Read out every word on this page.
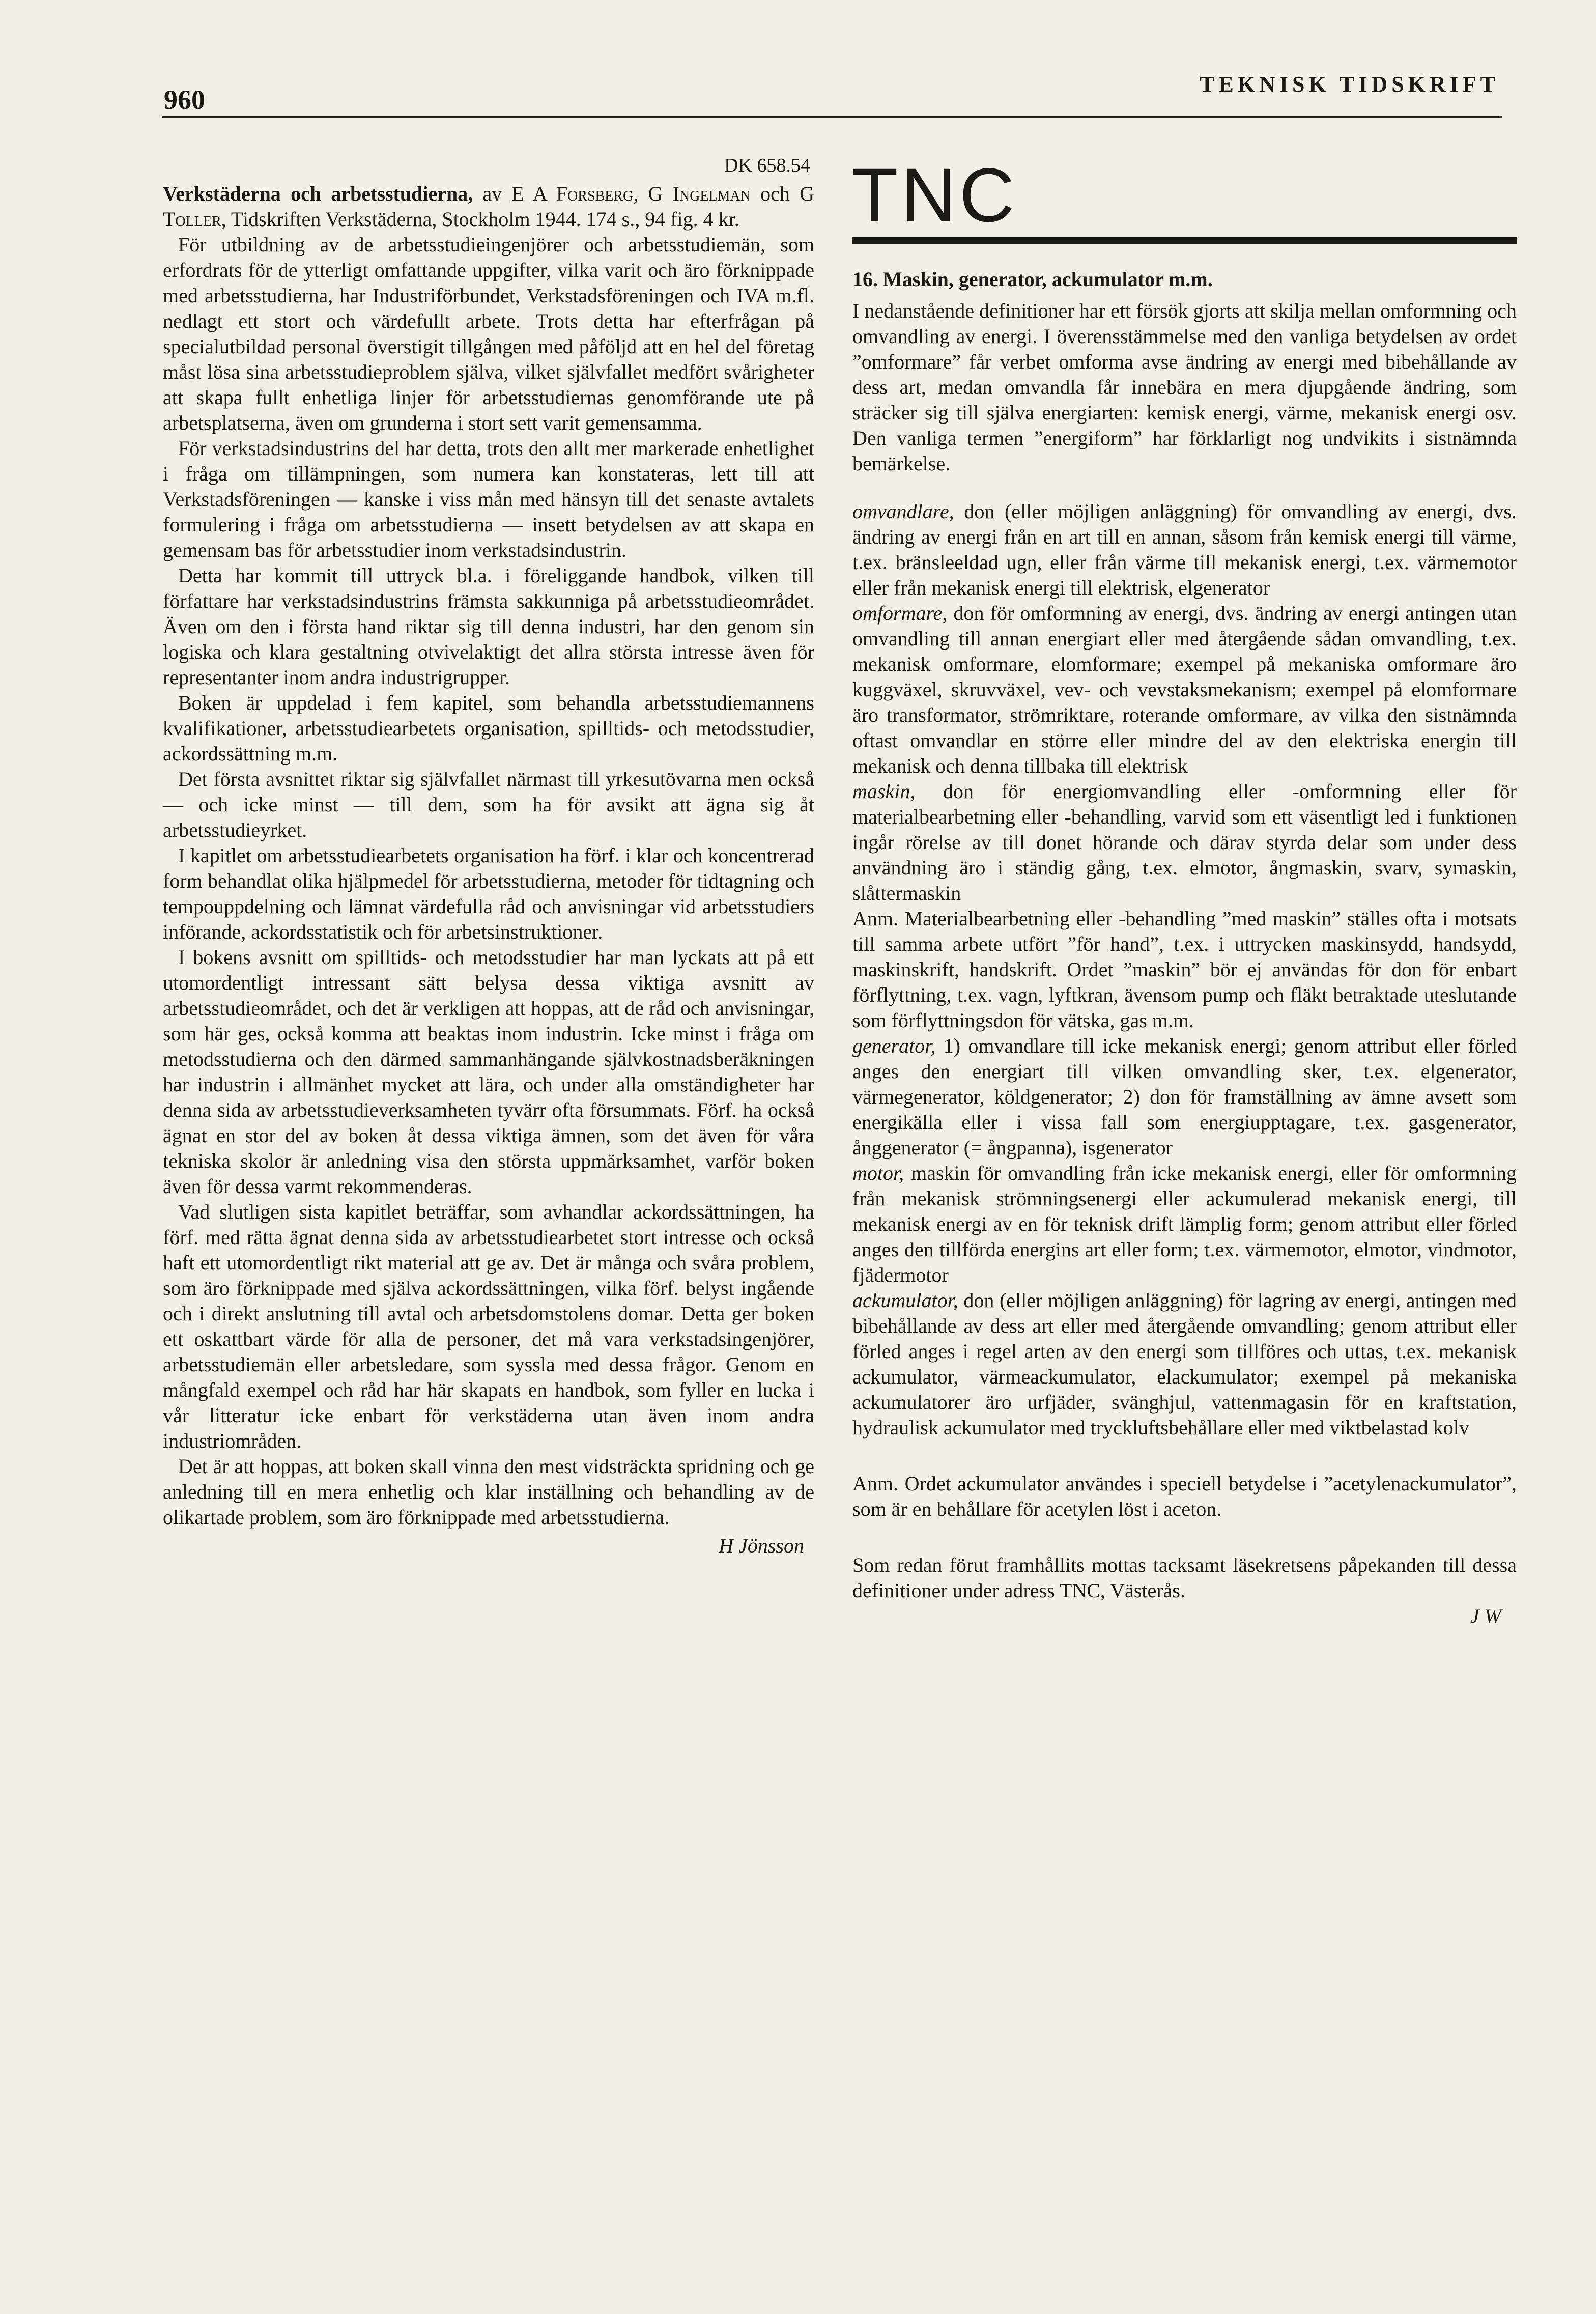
960
TEKNISK TIDSKRIFT
DK 658.54

Verkstäderna och arbetsstudierna, av E A Forsberg, G Ingelman och G Toller, Tidskriften Verkstäderna, Stockholm 1944. 174 s., 94 fig. 4 kr.

För utbildning av de arbetsstudieingenjörer och arbetsstudiemän, som erfordrats för de ytterligt omfattande uppgifter, vilka varit och äro förknippade med arbetsstudierna, har Industriförbundet, Verkstadsföreningen och IVA m.fl. nedlagt ett stort och värdefullt arbete. Trots detta har efterfrågan på specialutbildad personal överstigit tillgången med påföljd att en hel del företag måst lösa sina arbetsstudieproblem själva, vilket självfallet medfört svårigheter att skapa fullt enhetliga linjer för arbetsstudiernas genomförande ute på arbetsplatserna, även om grunderna i stort sett varit gemensamma.

För verkstadsindustrins del har detta, trots den allt mer markerade enhetlighet i fråga om tillämpningen, som numera kan konstateras, lett till att Verkstadsföreningen — kanske i viss mån med hänsyn till det senaste avtalets formulering i fråga om arbetsstudierna — insett betydelsen av att skapa en gemensam bas för arbetsstudier inom verkstadsindustrin.

Detta har kommit till uttryck bl.a. i föreliggande handbok, vilken till författare har verkstadsindustrins främsta sakkunniga på arbetsstudieområdet. Även om den i första hand riktar sig till denna industri, har den genom sin logiska och klara gestaltning otvivelaktigt det allra största intresse även för representanter inom andra industrigrupper.

Boken är uppdelad i fem kapitel, som behandla arbetsstudiemannens kvalifikationer, arbetsstudiearbetets organisation, spilltids- och metodsstudier, ackordssättning m.m.

Det första avsnittet riktar sig självfallet närmast till yrkesutövarna men också — och icke minst — till dem, som ha för avsikt att ägna sig åt arbetsstudieyrket.

I kapitlet om arbetsstudiearbetets organisation ha förf. i klar och koncentrerad form behandlat olika hjälpmedel för arbetsstudierna, metoder för tidtagning och tempouppdelning och lämnat värdefulla råd och anvisningar vid arbetsstudiers införande, ackordsstatistik och för arbetsinstruktioner.

I bokens avsnitt om spilltids- och metodsstudier har man lyckats att på ett utomordentligt intressant sätt belysa dessa viktiga avsnitt av arbetsstudieområdet, och det är verkligen att hoppas, att de råd och anvisningar, som här ges, också komma att beaktas inom industrin. Icke minst i fråga om metodsstudierna och den därmed sammanhängande självkostnadsberäkningen har industrin i allmänhet mycket att lära, och under alla omständigheter har denna sida av arbetsstudieverksamheten tyvärr ofta försummats. Förf. ha också ägnat en stor del av boken åt dessa viktiga ämnen, som det även för våra tekniska skolor är anledning visa den största uppmärksamhet, varför boken även för dessa varmt rekommenderas.

Vad slutligen sista kapitlet beträffar, som avhandlar ackordssättningen, ha förf. med rätta ägnat denna sida av arbetsstudiearbetet stort intresse och också haft ett utomordentligt rikt material att ge av. Det är många och svåra problem, som äro förknippade med själva ackordssättningen, vilka förf. belyst ingående och i direkt anslutning till avtal och arbetsdomstolens domar. Detta ger boken ett oskattbart värde för alla de personer, det må vara verkstadsingenjörer, arbetsstudiemän eller arbetsledare, som syssla med dessa frågor. Genom en mångfald exempel och råd har här skapats en handbok, som fyller en lucka i vår litteratur icke enbart för verkstäderna utan även inom andra industriområden.

Det är att hoppas, att boken skall vinna den mest vidsträckta spridning och ge anledning till en mera enhetlig och klar inställning och behandling av de olikartade problem, som äro förknippade med arbetsstudierna.

H Jönsson
TNC
16. Maskin, generator, ackumulator m.m.

I nedanstående definitioner har ett försök gjorts att skilja mellan omformning och omvandling av energi. I överensstämmelse med den vanliga betydelsen av ordet ”omformare” får verbet omforma avse ändring av energi med bibehållande av dess art, medan omvandla får innebära en mera djupgående ändring, som sträcker sig till själva energiarten: kemisk energi, värme, mekanisk energi osv. Den vanliga termen ”energiform” har förklarligt nog undvikits i sistnämnda bemärkelse.

omvandlare, don (eller möjligen anläggning) för omvandling av energi, dvs. ändring av energi från en art till en annan, såsom från kemisk energi till värme, t.ex. bränsleeldad ugn, eller från värme till mekanisk energi, t.ex. värmemotor eller från mekanisk energi till elektrisk, elgenerator

omformare, don för omformning av energi, dvs. ändring av energi antingen utan omvandling till annan energiart eller med återgående sådan omvandling, t.ex. mekanisk omformare, elomformare; exempel på mekaniska omformare äro kuggväxel, skruvväxel, vev- och vevstaksmekanism; exempel på elomformare äro transformator, strömriktare, roterande omformare, av vilka den sistnämnda oftast omvandlar en större eller mindre del av den elektriska energin till mekanisk och denna tillbaka till elektrisk

maskin, don för energiomvandling eller -omformning eller för materialbearbetning eller -behandling, varvid som ett väsentligt led i funktionen ingår rörelse av till donet hörande och därav styrda delar som under dess användning äro i ständig gång, t.ex. elmotor, ångmaskin, svarv, symaskin, slåttermaskin

Anm. Materialbearbetning eller -behandling ”med maskin” ställes ofta i motsats till samma arbete utfört ”för hand”, t.ex. i uttrycken maskinsydd, handsydd, maskinskrift, handskrift. Ordet ”maskin” bör ej användas för don för enbart förflyttning, t.ex. vagn, lyftkran, ävensom pump och fläkt betraktade uteslutande som förflyttningsdon för vätska, gas m.m.

generator, 1) omvandlare till icke mekanisk energi; genom attribut eller förled anges den energiart till vilken omvandling sker, t.ex. elgenerator, värmegenerator, köldgenerator; 2) don för framställning av ämne avsett som energikälla eller i vissa fall som energiupptagare, t.ex. gasgenerator, ånggenerator (= ångpanna), isgenerator

motor, maskin för omvandling från icke mekanisk energi, eller för omformning från mekanisk strömningsenergi eller ackumulerad mekanisk energi, till mekanisk energi av en för teknisk drift lämplig form; genom attribut eller förled anges den tillförda energins art eller form; t.ex. värmemotor, elmotor, vindmotor, fjädermotor

ackumulator, don (eller möjligen anläggning) för lagring av energi, antingen med bibehållande av dess art eller med återgående omvandling; genom attribut eller förled anges i regel arten av den energi som tillföres och uttas, t.ex. mekanisk ackumulator, värmeackumulator, elackumulator; exempel på mekaniska ackumulatorer äro urfjäder, svänghjul, vattenmagasin för en kraftstation, hydraulisk ackumulator med tryckluftsbehållare eller med viktbelastad kolv

Anm. Ordet ackumulator användes i speciell betydelse i ”acetylenackumulator”, som är en behållare för acetylen löst i aceton.

Som redan förut framhållits mottas tacksamt läsekretsens påpekanden till dessa definitioner under adress TNC, Västerås.

J W
